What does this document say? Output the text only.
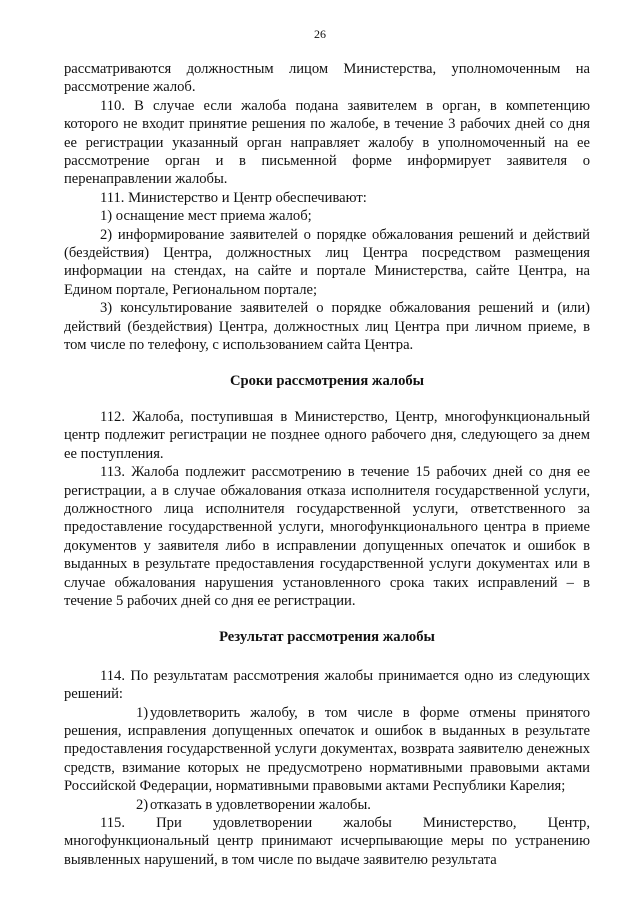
26

рассматриваются должностным лицом Министерства, уполномоченным на рассмотрение жалоб.

110. В случае если жалоба подана заявителем в орган, в компетенцию которого не входит принятие решения по жалобе, в течение 3 рабочих дней со дня ее регистрации указанный орган направляет жалобу в уполномоченный на ее рассмотрение орган и в письменной форме информирует заявителя о перенаправлении жалобы.

111. Министерство и Центр обеспечивают:

1) оснащение мест приема жалоб;

2) информирование заявителей о порядке обжалования решений и действий (бездействия) Центра, должностных лиц Центра посредством размещения информации на стендах, на сайте и портале Министерства, сайте Центра, на Едином портале, Региональном портале;

3) консультирование заявителей о порядке обжалования решений и (или) действий (бездействия) Центра, должностных лиц Центра при личном приеме, в том числе по телефону, с использованием сайта Центра.

Сроки рассмотрения жалобы

112. Жалоба, поступившая в Министерство, Центр, многофункциональный центр подлежит регистрации не позднее одного рабочего дня, следующего за днем ее поступления.

113. Жалоба подлежит рассмотрению в течение 15 рабочих дней со дня ее регистрации, а в случае обжалования отказа исполнителя государственной услуги, должностного лица исполнителя государственной услуги, ответственного за предоставление государственной услуги, многофункционального центра в приеме документов у заявителя либо в исправлении допущенных опечаток и ошибок в выданных в результате предоставления государственной услуги документах или в случае обжалования нарушения установленного срока таких исправлений – в течение 5 рабочих дней со дня ее регистрации.

Результат рассмотрения жалобы

114. По результатам рассмотрения жалобы принимается одно из следующих решений:

1) удовлетворить жалобу, в том числе в форме отмены принятого решения, исправления допущенных опечаток и ошибок в выданных в результате предоставления государственной услуги документах, возврата заявителю денежных средств, взимание которых не предусмотрено нормативными правовыми актами Российской Федерации, нормативными правовыми актами Республики Карелия;

2) отказать в удовлетворении жалобы.

115. При удовлетворении жалобы Министерство, Центр, многофункциональный центр принимают исчерпывающие меры по устранению выявленных нарушений, в том числе по выдаче заявителю результата
